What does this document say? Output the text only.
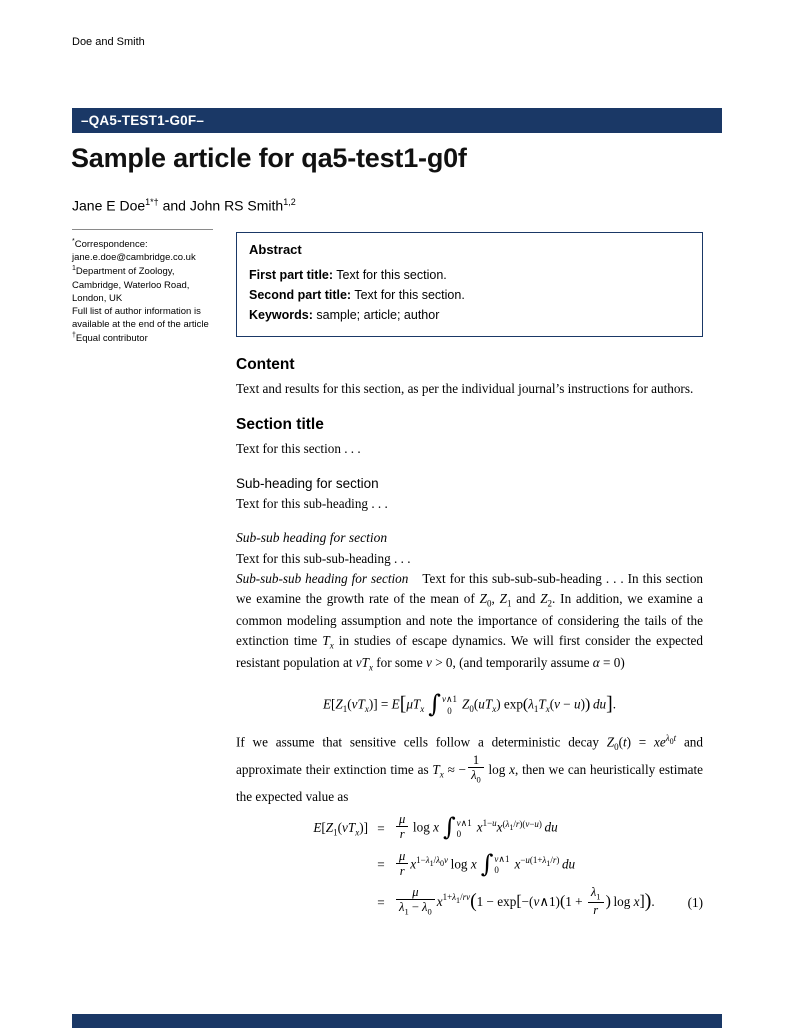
Doe and Smith
–QA5-TEST1-G0F–
Sample article for qa5-test1-g0f
Jane E Doe$^{1*\dagger}$ and John RS Smith$^{1,2}$
*Correspondence:
jane.e.doe@cambridge.co.uk
$^1$Department of Zoology,
Cambridge, Waterloo Road,
London, UK
Full list of author information is
available at the end of the article
†Equal contributor
Abstract
First part title: Text for this section.
Second part title: Text for this section.
Keywords: sample; article; author
Content

Text and results for this section, as per the individual journal’s instructions for authors.

Section title

Text for this section . . .

Sub-heading for section

Text for this sub-heading . . .

Sub-sub heading for section

Text for this sub-sub-heading . . .

Sub-sub-sub heading for section Text for this sub-sub-sub-heading . . . In this section we examine the growth rate of the mean of $Z_0$, $Z_1$ and $Z_2$. In addition, we examine a common modeling assumption and note the importance of considering the tails of the extinction time $T_x$ in studies of escape dynamics. We will first consider the expected resistant population at $vT_x$ for some v > 0, (and temporarily assume α = 0)

$E[Z_1(vT_x)] = E[\mu T_x$ ∫ v∧1
0 $Z_0(uT_x) \exp(\lambda_1T_x(v - u))$  du].

If we assume that sensitive cells follow a deterministic decay $Z_0(t) = xe^{\lambda_0t}$ and approximate their extinction time as $T_x$ ≈ − $\frac{1}{\lambda_0}$  log x, then we can heuristically estimate the expected value as

$E[Z_1(vT_x)] = \frac{\mu}{r}$  log x ∫ v∧1
0	$x^{1-u}x^{(\lambda_1/r)(v-u)}$  du
= $\frac{\mu}{r} x^{1-\lambda_1/\lambda_0v}$ log x ∫ v∧1
0	$x^{-u(1+\lambda_1/r)}$  du
= $\frac{\mu}{\lambda_1 - \lambda_0} x^{1+\lambda_1/rv}(1$ − exp[−(v∧1)(1 + $\frac{\lambda_1}{r}$ ) log x]).	(1)
